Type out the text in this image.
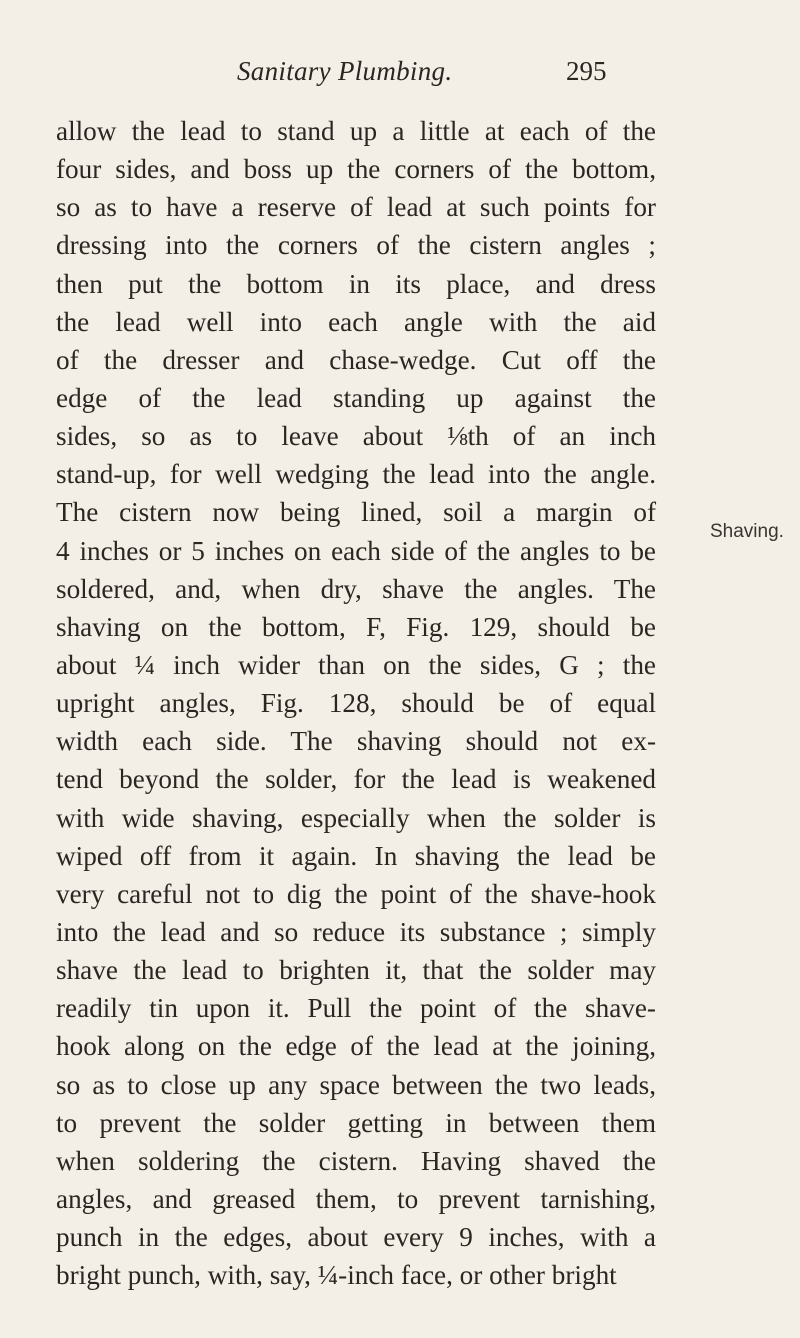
Sanitary Plumbing.	295
allow the lead to stand up a little at each of the
four sides, and boss up the corners of the bottom,
so as to have a reserve of lead at such points for
dressing into the corners of the cistern angles ;
then put the bottom in its place, and dress
the lead well into each angle with the aid
of the dresser and chase-wedge. Cut off the
edge of the lead standing up against the
sides, so as to leave about ⅛th of an inch
stand-up, for well wedging the lead into the angle.
The cistern now being lined, soil a margin of
4 inches or 5 inches on each side of the angles to be
soldered, and, when dry, shave the angles. The
shaving on the bottom, F, Fig. 129, should be
about ¼ inch wider than on the sides, G ; the
upright angles, Fig. 128, should be of equal
width each side. The shaving should not ex-
tend beyond the solder, for the lead is weakened
with wide shaving, especially when the solder is
wiped off from it again. In shaving the lead be
very careful not to dig the point of the shave-hook
into the lead and so reduce its substance ; simply
shave the lead to brighten it, that the solder may
readily tin upon it. Pull the point of the shave-
hook along on the edge of the lead at the joining,
so as to close up any space between the two leads,
to prevent the solder getting in between them
when soldering the cistern. Having shaved the
angles, and greased them, to prevent tarnishing,
punch in the edges, about every 9 inches, with a
bright punch, with, say, ¼-inch face, or other bright
Shaving.
